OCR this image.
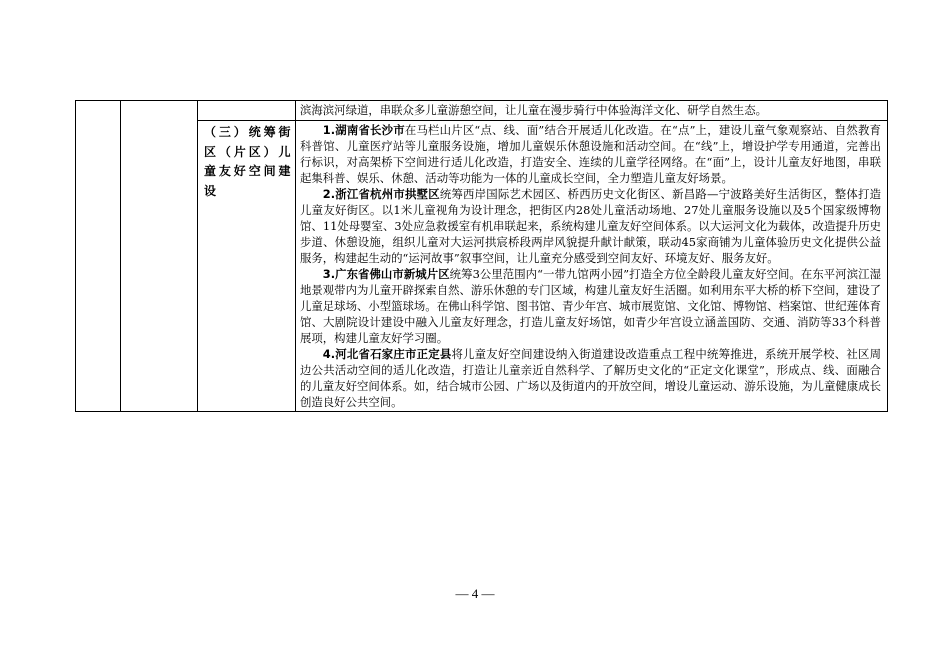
			滨海滨河绿道，串联众多儿童游憩空间，让儿童在漫步骑行中体验海洋文化、研学自然生态。
		（三）统筹街区（片区）儿童友好空间建设	1.湖南省长沙市在马栏山片区“点、线、面”结合开展适儿化改造。在“点”上，建设儿童气象观察站、自然教育科普馆、儿童医疗站等儿童服务设施，增加儿童娱乐休憩设施和活动空间。在“线”上，增设护学专用通道，完善出行标识，对高架桥下空间进行适儿化改造，打造安全、连续的儿童学径网络。在“面”上，设计儿童友好地图，串联起集科普、娱乐、休憩、活动等功能为一体的儿童成长空间，全力塑造儿童友好场景。

2.浙江省杭州市拱墅区统筹西岸国际艺术园区、桥西历史文化街区、新昌路—宁波路美好生活街区，整体打造儿童友好街区。以1米儿童视角为设计理念，把街区内28处儿童活动场地、27处儿童服务设施以及5个国家级博物馆、11处母婴室、3处应急救援室有机串联起来，系统构建儿童友好空间体系。以大运河文化为载体，改造提升历史步道、休憩设施，组织儿童对大运河拱宸桥段两岸风貌提升献计献策，联动45家商铺为儿童体验历史文化提供公益服务，构建起生动的“运河故事”叙事空间，让儿童充分感受到空间友好、环境友好、服务友好。

3.广东省佛山市新城片区统筹3公里范围内“一带九馆两小园”打造全方位全龄段儿童友好空间。在东平河滨江湿地景观带内为儿童开辟探索自然、游乐休憩的专门区域，构建儿童友好生活圈。如利用东平大桥的桥下空间，建设了儿童足球场、小型篮球场。在佛山科学馆、图书馆、青少年宫、城市展览馆、文化馆、博物馆、档案馆、世纪莲体育馆、大剧院设计建设中融入儿童友好理念，打造儿童友好场馆，如青少年宫设立涵盖国防、交通、消防等33个科普展项，构建儿童友好学习圈。

4.河北省石家庄市正定县将儿童友好空间建设纳入街道建设改造重点工程中统筹推进，系统开展学校、社区周边公共活动空间的适儿化改造，打造让儿童亲近自然科学、了解历史文化的“正定文化课堂”，形成点、线、面融合的儿童友好空间体系。如，结合城市公园、广场以及街道内的开放空间，增设儿童运动、游乐设施，为儿童健康成长创造良好公共空间。

— 4 —
